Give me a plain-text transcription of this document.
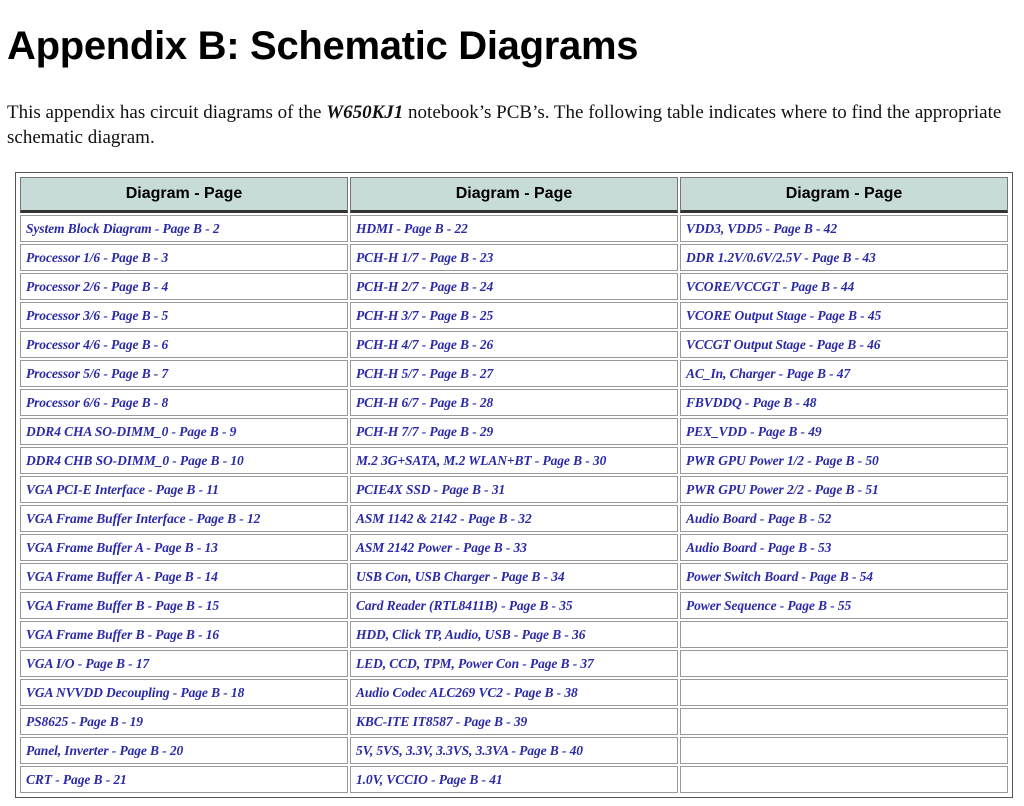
Appendix B: Schematic Diagrams

This appendix has circuit diagrams of the W650KJ1 notebook’s PCB’s. The following table indicates where to find the appropriate schematic diagram.

Diagram - Page	Diagram - Page	Diagram - Page
System Block Diagram - Page B - 2	HDMI - Page B - 22	VDD3, VDD5 - Page B - 42
Processor 1/6 - Page B - 3	PCH-H 1/7 - Page B - 23	DDR 1.2V/0.6V/2.5V - Page B - 43
Processor 2/6 - Page B - 4	PCH-H 2/7 - Page B - 24	VCORE/VCCGT - Page B - 44
Processor 3/6 - Page B - 5	PCH-H 3/7 - Page B - 25	VCORE Output Stage - Page B - 45
Processor 4/6 - Page B - 6	PCH-H 4/7 - Page B - 26	VCCGT Output Stage - Page B - 46
Processor 5/6 - Page B - 7	PCH-H 5/7 - Page B - 27	AC_In, Charger - Page B - 47
Processor 6/6 - Page B - 8	PCH-H 6/7 - Page B - 28	FBVDDQ - Page B - 48
DDR4 CHA SO-DIMM_0 - Page B - 9	PCH-H 7/7 - Page B - 29	PEX_VDD - Page B - 49
DDR4 CHB SO-DIMM_0 - Page B - 10	M.2 3G+SATA, M.2 WLAN+BT - Page B - 30	PWR GPU Power 1/2 - Page B - 50
VGA PCI-E Interface - Page B - 11	PCIE4X SSD - Page B - 31	PWR GPU Power 2/2 - Page B - 51
VGA Frame Buffer Interface - Page B - 12	ASM 1142 & 2142 - Page B - 32	Audio Board - Page B - 52
VGA Frame Buffer A - Page B - 13	ASM 2142 Power - Page B - 33	Audio Board - Page B - 53
VGA Frame Buffer A - Page B - 14	USB Con, USB Charger - Page B - 34	Power Switch Board - Page B - 54
VGA Frame Buffer B - Page B - 15	Card Reader (RTL8411B) - Page B - 35	Power Sequence - Page B - 55
VGA Frame Buffer B - Page B - 16	HDD, Click TP, Audio, USB - Page B - 36	
VGA I/O - Page B - 17	LED, CCD, TPM, Power Con - Page B - 37	
VGA NVVDD Decoupling - Page B - 18	Audio Codec ALC269 VC2 - Page B - 38	
PS8625 - Page B - 19	KBC-ITE IT8587 - Page B - 39	
Panel, Inverter - Page B - 20	5V, 5VS, 3.3V, 3.3VS, 3.3VA - Page B - 40	
CRT - Page B - 21	1.0V, VCCIO - Page B - 41	
